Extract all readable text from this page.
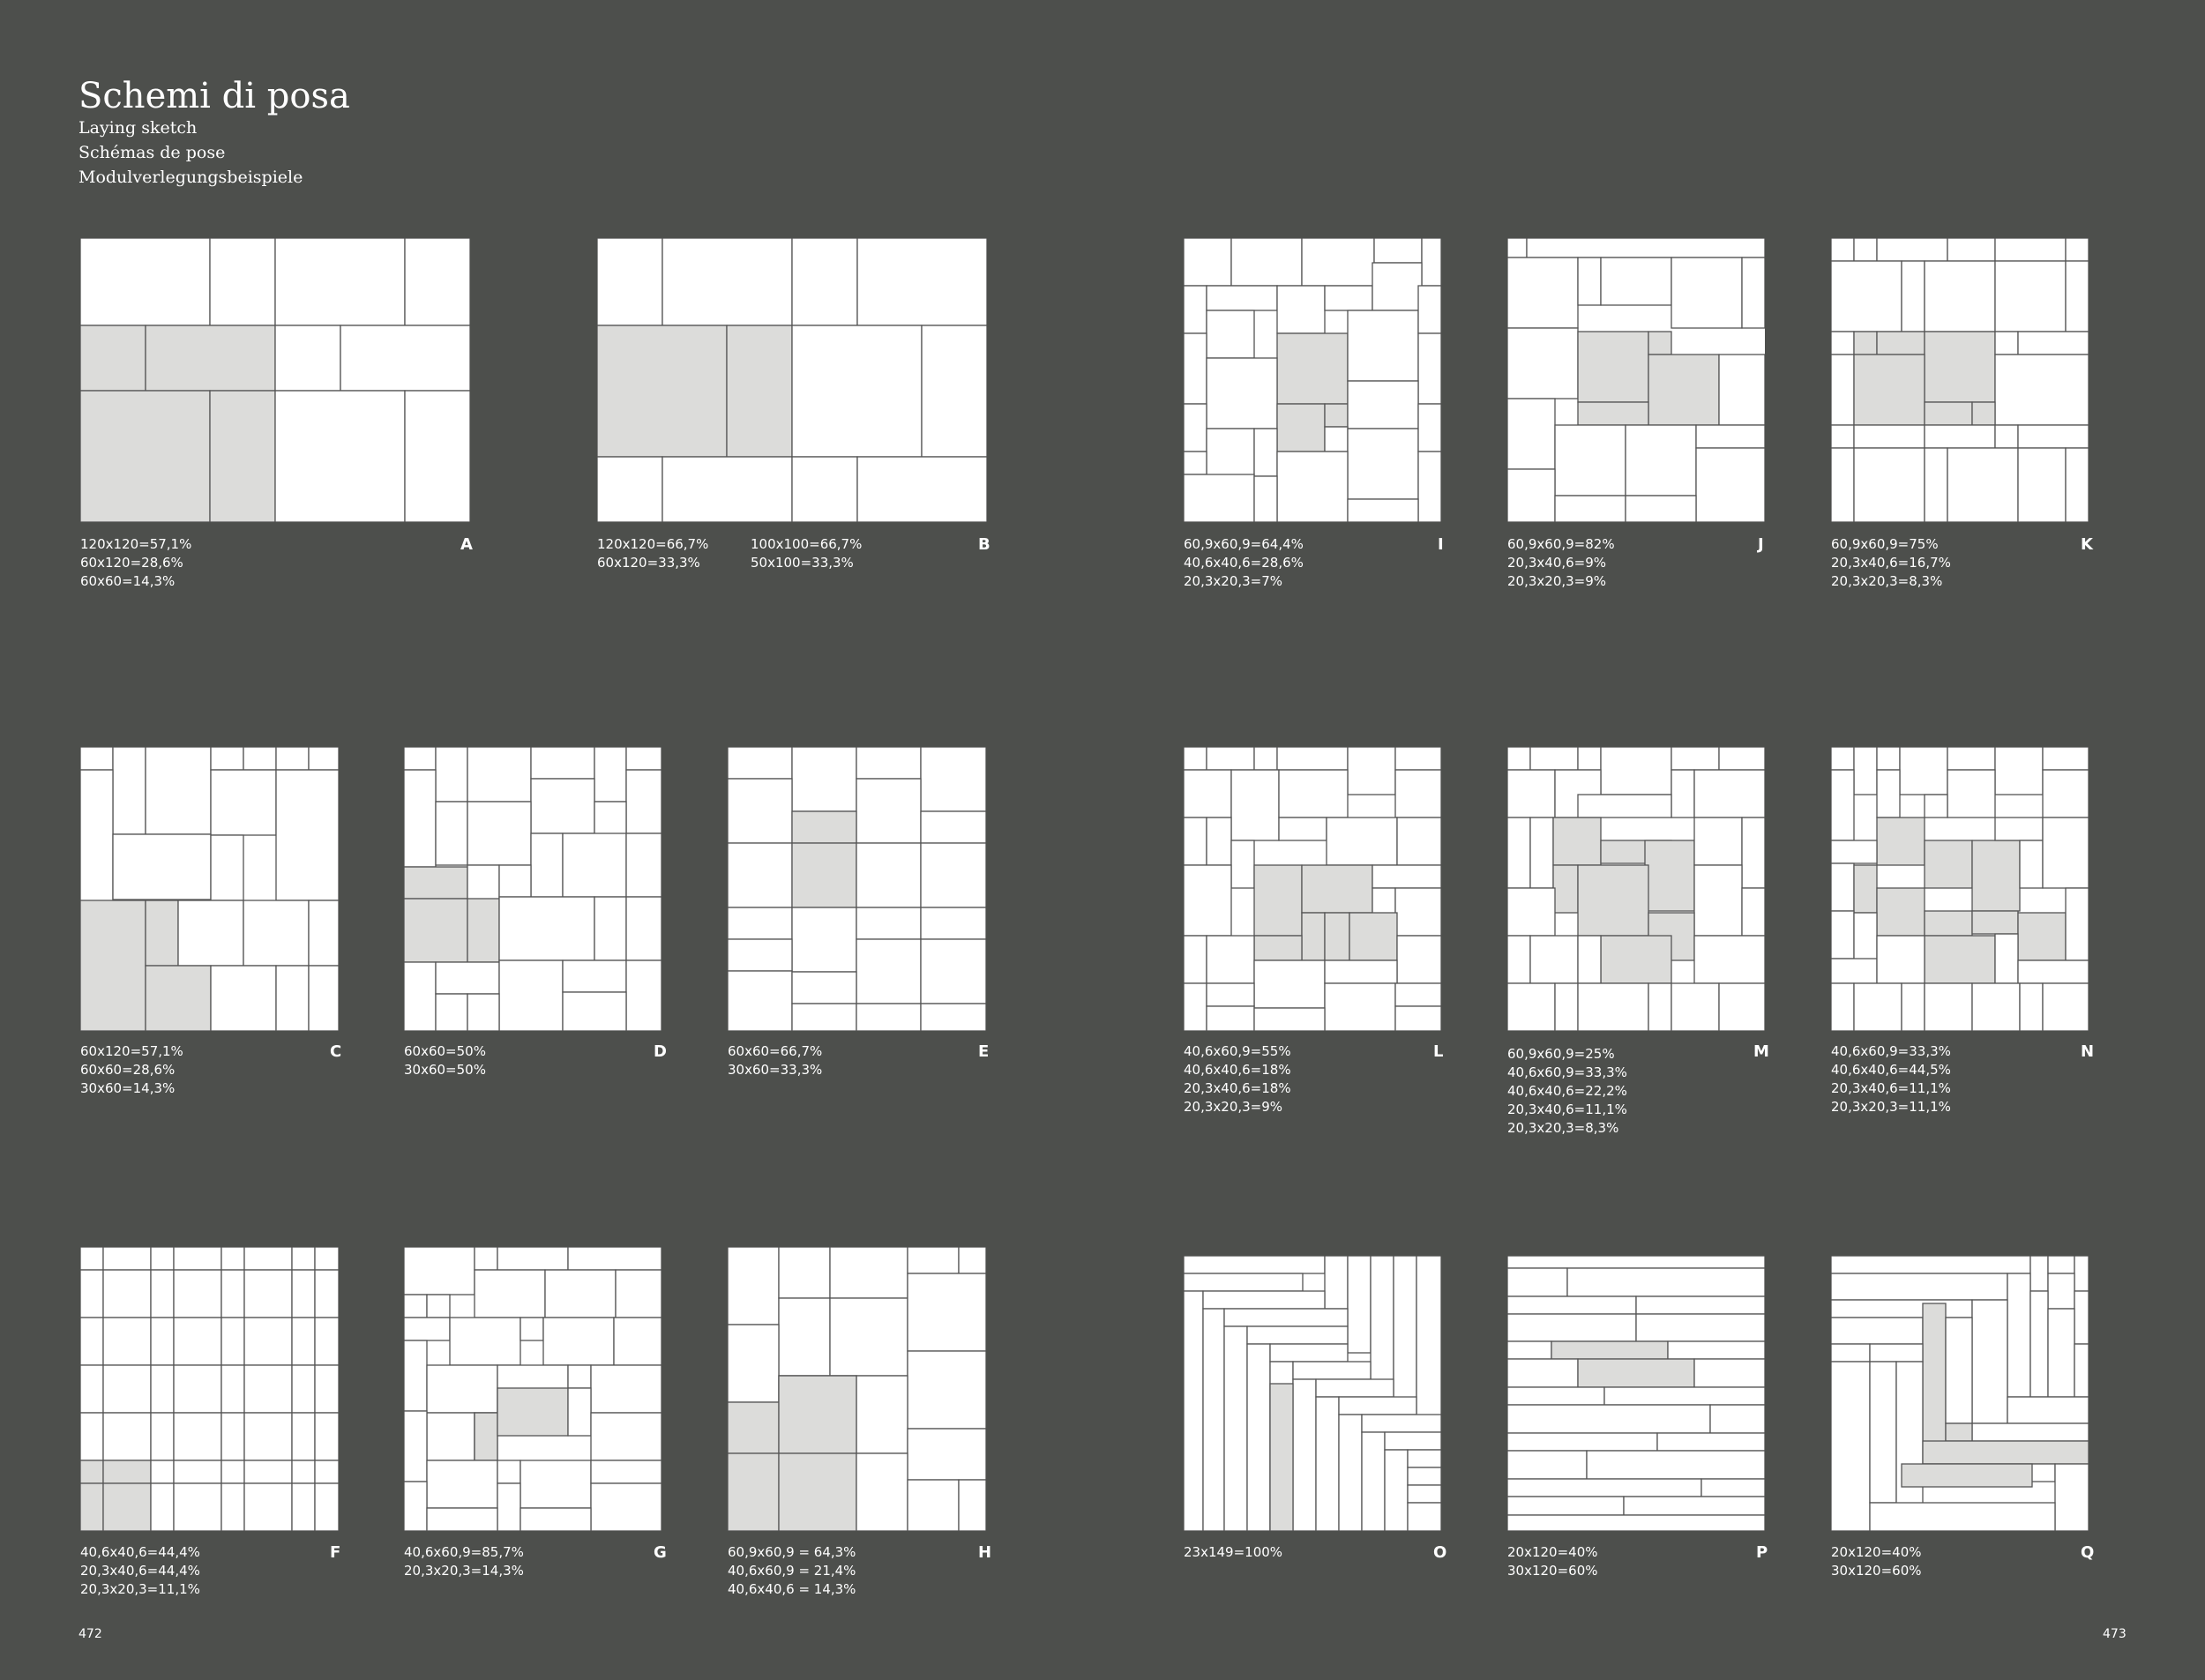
Schemi di posa

Laying sketch

Schémas de pose

Modulverlegungsbeispiele

120x120=57,1%
60x120=28,6%
60x60=14,3%
A	120x120=66,7%
60x120=33,3%
100x100=66,7%
50x100=33,3%
B	60,9x60,9=64,4%
40,6x40,6=28,6%
20,3x20,3=7%
I	60,9x60,9=82%
20,3x40,6=9%
20,3x20,3=9%
J	60,9x60,9=75%
20,3x40,6=16,7%
20,3x20,3=8,3%
K
60x120=57,1%
60x60=28,6%
30x60=14,3%
C	60x60=50%
30x60=50%
D	60x60=66,7%
30x60=33,3%
E	40,6x60,9=55%
40,6x40,6=18%
20,3x40,6=18%
20,3x20,3=9%
L	60,9x60,9=25%
40,6x60,9=33,3%
40,6x40,6=22,2%
20,3x40,6=11,1%
20,3x20,3=8,3%
M	40,6x60,9=33,3%
40,6x40,6=44,5%
20,3x40,6=11,1%
20,3x20,3=11,1%
N
40,6x40,6=44,4%
20,3x40,6=44,4%
20,3x20,3=11,1%
F	40,6x60,9=85,7%
20,3x20,3=14,3%
G	60,9x60,9 = 64,3%
40,6x60,9 = 21,4%
40,6x40,6 = 14,3%
H	23x149=100%	O	20x120=40%
30x120=60%
P	20x120=40%
30x120=60%
Q
472	473
